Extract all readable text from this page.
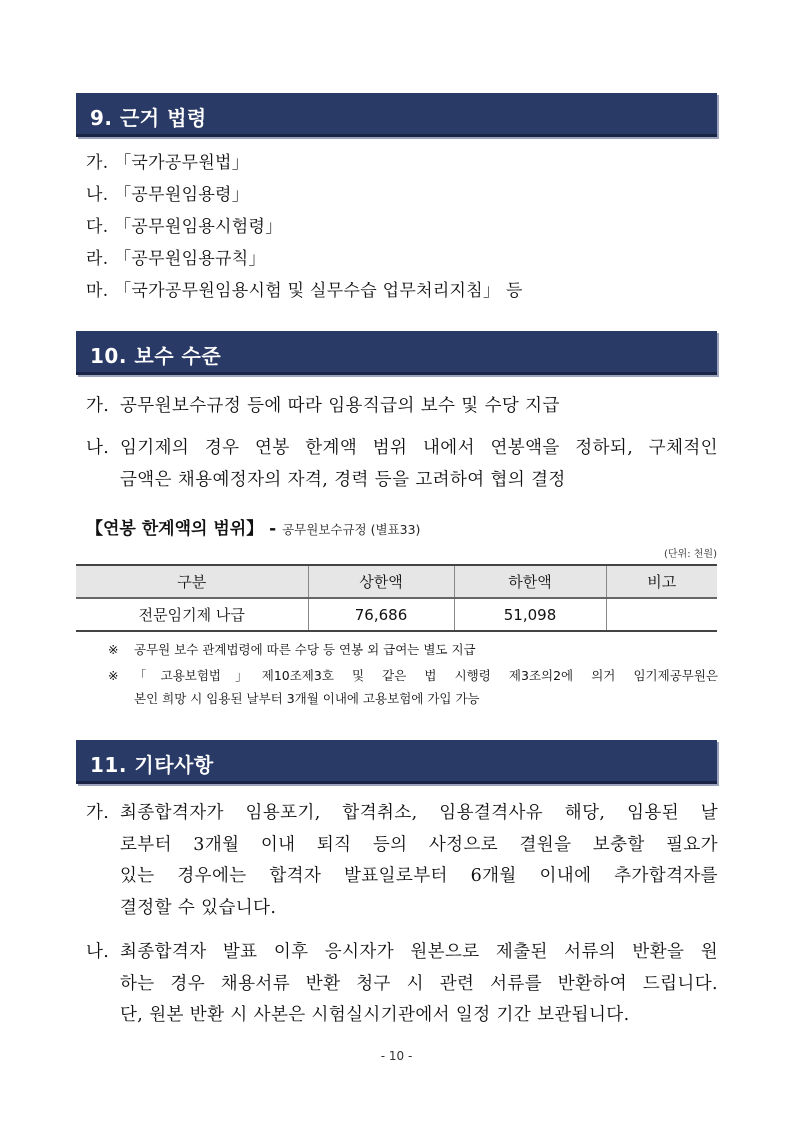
9. 근거 법령
가. 「국가공무원법」
나. 「공무원임용령」
다. 「공무원임용시험령」
라. 「공무원임용규칙」
마. 「국가공무원임용시험 및 실무수습 업무처리지침」 등
10. 보수 수준
가. 공무원보수규정 등에 따라 임용직급의 보수 및 수당 지급
나. 임기제의 경우 연봉 한계액 범위 내에서 연봉액을 정하되, 구체적인
금액은 채용예정자의 자격, 경력 등을 고려하여 협의 결정
【연봉 한계액의 범위】 - 공무원보수규정 (별표33)
(단위: 천원)
구분	상한액	하한액	비고
전문임기제 나급	76,686	51,098	
※	공무원 보수 관계법령에 따른 수당 등 연봉 외 급여는 별도 지급
※	「고용보험법」제10조제3호 및 같은 법 시행령 제3조의2에 의거 임기제공무원은
본인 희망 시 임용된 날부터 3개월 이내에 고용보험에 가입 가능
11. 기타사항
가. 최종합격자가 임용포기, 합격취소, 임용결격사유 해당, 임용된 날
로부터 3개월 이내 퇴직 등의 사정으로 결원을 보충할 필요가
있는 경우에는 합격자 발표일로부터 6개월 이내에 추가합격자를
결정할 수 있습니다.
나. 최종합격자 발표 이후 응시자가 원본으로 제출된 서류의 반환을 원
하는 경우 채용서류 반환 청구 시 관련 서류를 반환하여 드립니다.
단, 원본 반환 시 사본은 시험실시기관에서 일정 기간 보관됩니다.
- 10 -
